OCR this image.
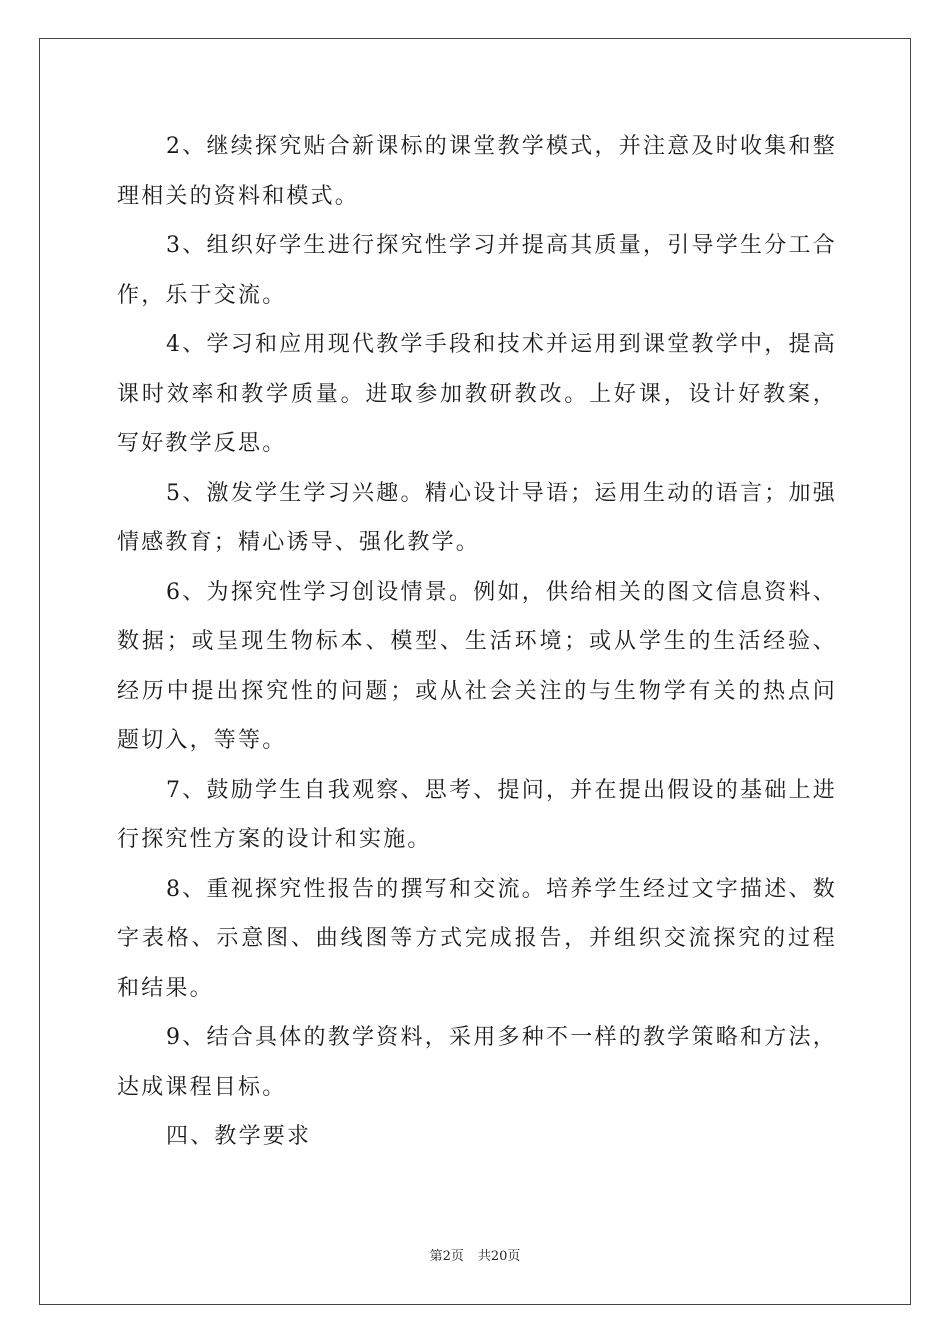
2、继续探究贴合新课标的课堂教学模式，并注意及时收集和整理相关的资料和模式。

3、组织好学生进行探究性学习并提高其质量，引导学生分工合作，乐于交流。

4、学习和应用现代教学手段和技术并运用到课堂教学中，提高课时效率和教学质量。进取参加教研教改。上好课，设计好教案，写好教学反思。

5、激发学生学习兴趣。精心设计导语；运用生动的语言；加强情感教育；精心诱导、强化教学。

6、为探究性学习创设情景。例如，供给相关的图文信息资料、数据；或呈现生物标本、模型、生活环境；或从学生的生活经验、经历中提出探究性的问题；或从社会关注的与生物学有关的热点问题切入，等等。

7、鼓励学生自我观察、思考、提问，并在提出假设的基础上进行探究性方案的设计和实施。

8、重视探究性报告的撰写和交流。培养学生经过文字描述、数字表格、示意图、曲线图等方式完成报告，并组织交流探究的过程和结果。

9、结合具体的教学资料，采用多种不一样的教学策略和方法，达成课程目标。

四、教学要求

第2页 共20页
